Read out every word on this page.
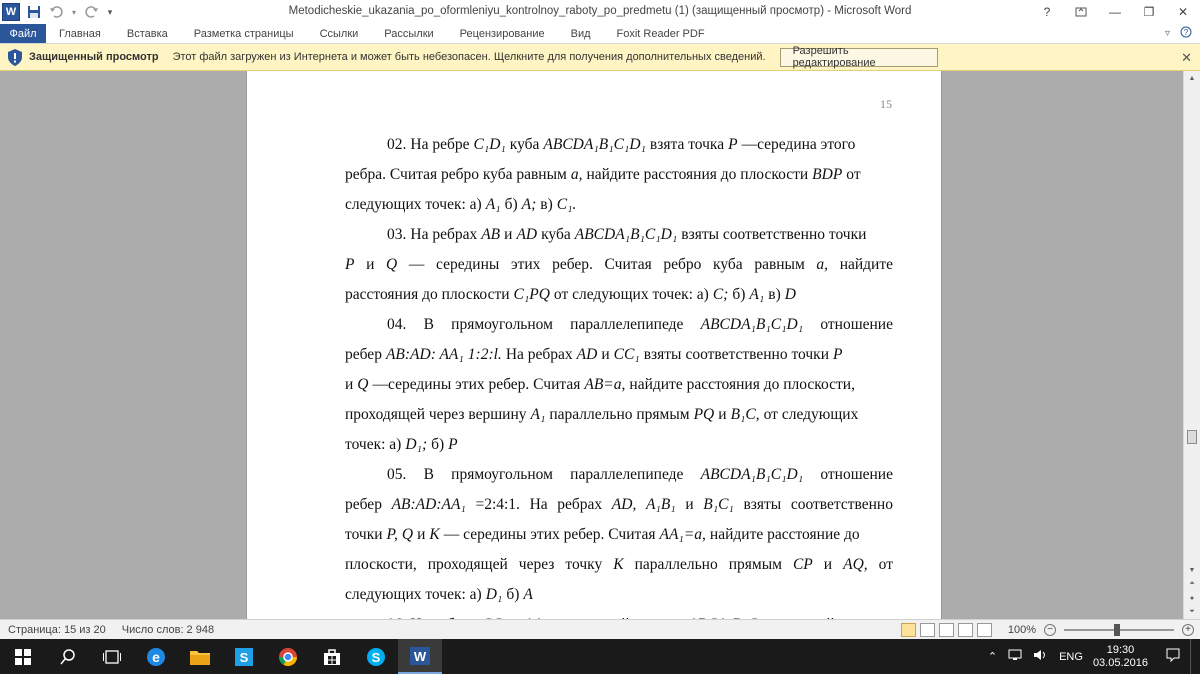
W	▾	▾	Metodicheskie_ukazania_po_oformleniyu_kontrolnoy_raboty_po_predmetu (1) (защищенный просмотр) - Microsoft Word	?	—	❐	✕
Файл	Главная	Вставка	Разметка страницы	Ссылки	Рассылки	Рецензирование	Вид	Foxit Reader PDF	▿ ?
Защищенный просмотр Этот файл загружен из Интернета и может быть небезопасен. Щелкните для получения дополнительных сведений.	Разрешить редактирование	✕
15
02. На ребре C₁D₁ куба ABCDA₁B₁C₁D₁ взята точка P —середина этого
ребра. Считая ребро куба равным a, найдите расстояния до плоскости BDP от
следующих точек: а) A₁ б) A; в) C₁.
03. На ребрах AB и AD куба ABCDA₁B₁C₁D₁ взяты соответственно точки
P и Q — середины этих ребер. Считая ребро куба равным a, найдите
расстояния до плоскости C₁PQ от следующих точек: а) C; б) A₁ в) D
04. В прямоугольном параллелепипеде ABCDA₁B₁C₁D₁ отношение
ребер AB:AD: AA₁ 1:2:l. На ребрах AD и CC₁ взяты соответственно точки P
и Q —середины этих ребер. Считая AB=a, найдите расстояния до плоскости,
проходящей через вершину A₁ параллельно прямым PQ и B₁C, от следующих
точек: а) D₁; б) P
05. В прямоугольном параллелепипеде ABCDA₁B₁C₁D₁ отношение
ребер AB:AD:AA₁ =2:4:1. На ребрах AD, A₁B₁ и B₁C₁ взяты соответственно
точки P, Q и K — середины этих ребер. Считая AA₁=a, найдите расстояние до
плоскости, проходящей через точку K параллельно прямым CP и AQ, от
следующих точек: а) D₁ б) A
▲
▼
⏶
●
⏷
Страница: 15 из 20	Число слов: 2 948	100%	−	+
e	S	S	W	⌃	ENG
19:30
03.05.2016
